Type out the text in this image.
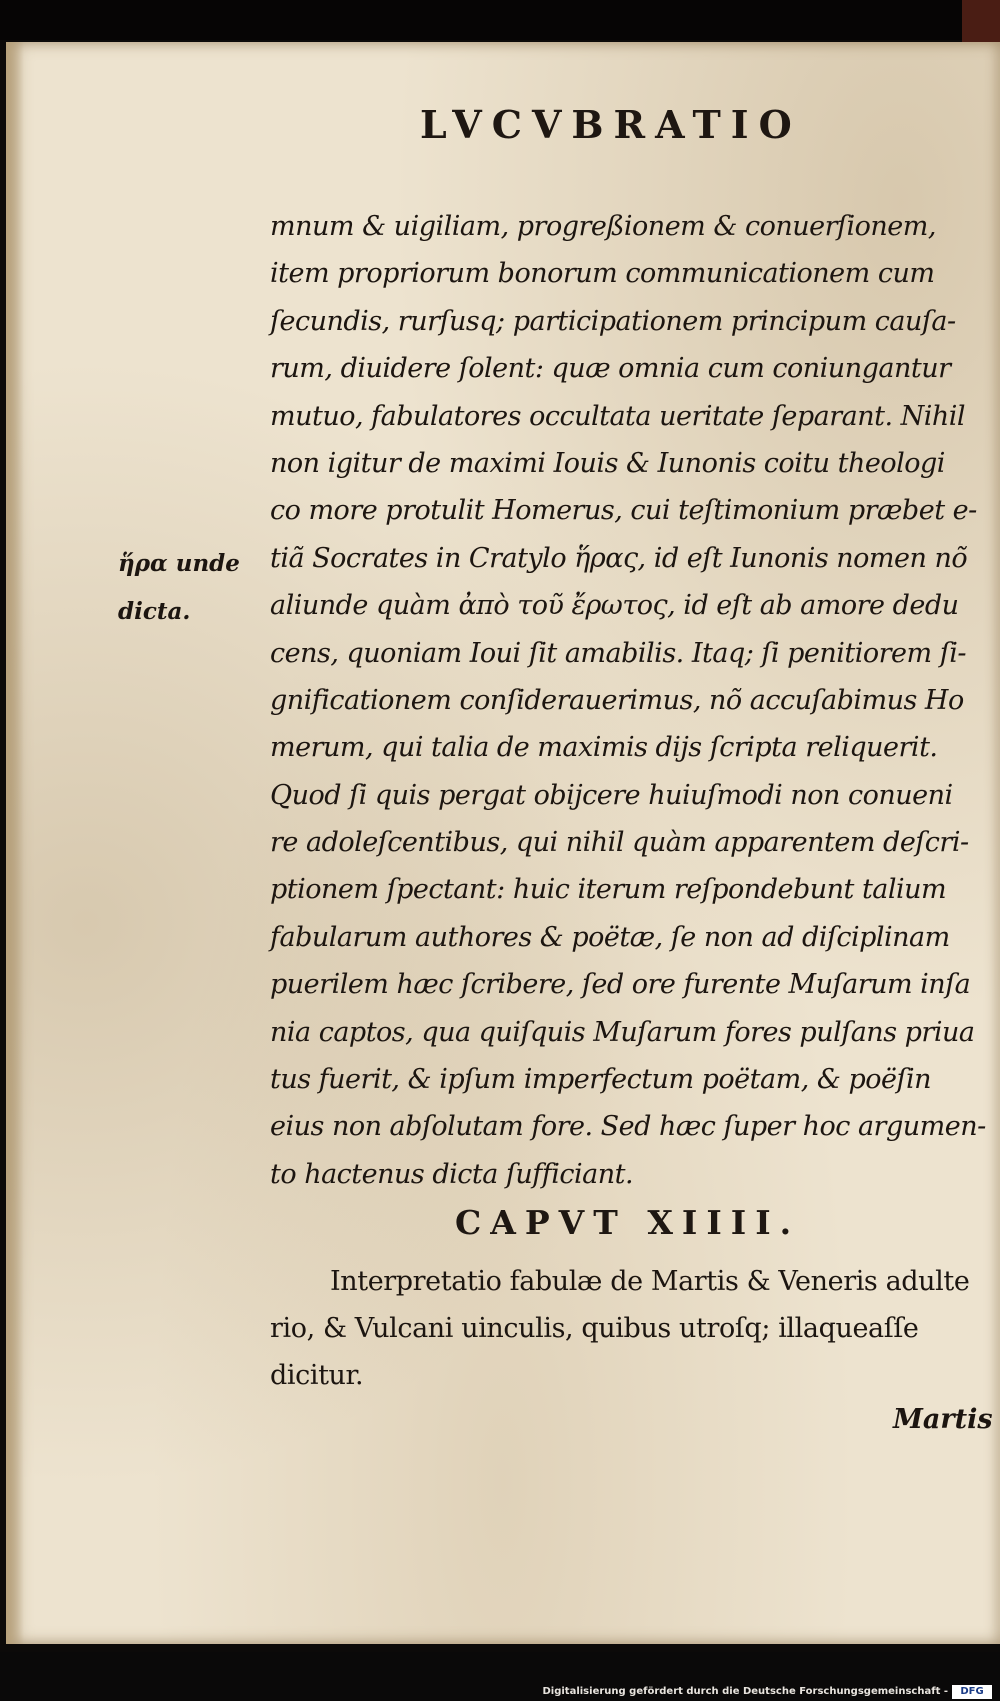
LVCVBRATIO
mnum & uigiliam, progreßionem & conuerſionem,
item propriorum bonorum communicationem cum
ſecundis, rurſusq; participationem principum cauſa-
rum, diuidere ſolent: quæ omnia cum coniungantur
mutuo, fabulatores occultata ueritate ſeparant. Nihil
non igitur de maximi Iouis & Iunonis coitu theologi
co more protulit Homerus, cui teſtimonium præbet e-
tiã Socrates in Cratylo ἥρας, id eſt Iunonis nomen nõ
aliunde quàm ἀπὸ τοῦ ἔρωτος, id eſt ab amore dedu
cens, quoniam Ioui ſit amabilis. Itaq; ſi penitiorem ſi-
gnificationem conſiderauerimus, nõ accuſabimus Ho
merum, qui talia de maximis dijs ſcripta reliquerit.
Quod ſi quis pergat obijcere huiuſmodi non conueni
re adoleſcentibus, qui nihil quàm apparentem deſcri-
ptionem ſpectant: huic iterum reſpondebunt talium
fabularum authores & poëtæ, ſe non ad diſciplinam
puerilem hæc ſcribere, ſed ore furente Muſarum inſa
nia captos, qua quiſquis Muſarum fores pulſans priua
tus fuerit, & ipſum imperfectum poëtam, & poëſin
eius non abſolutam fore. Sed hæc ſuper hoc argumen-
to hactenus dicta ſufficiant.
ἥρα unde
dicta.
CAPVT XIIII.
Interpretatio fabulæ de Martis & Veneris adulte
rio, & Vulcani uinculis, quibus utroſq; illaqueaſſe
dicitur.
Martis
Digitalisierung gefördert durch die Deutsche Forschungsgemeinschaft -	DFG
